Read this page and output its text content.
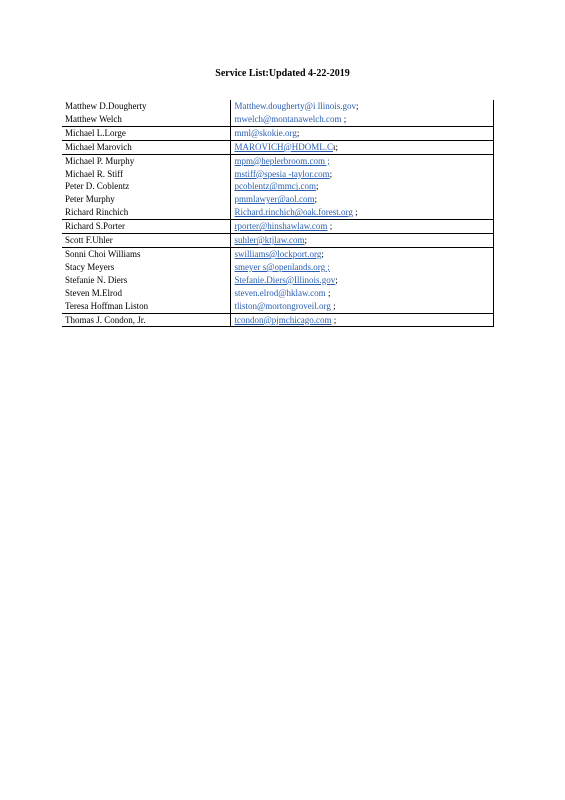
Service List:Updated 4-22-2019
Matthew D.Dougherty	Matthew.dougherty@i llinois.gov;
Matthew Welch	mwelch@montanawelch.com ;
Michael L.Lorge	mml@skokie.org;
Michael Marovich	MAROVICH@HDOML.Cι;
Michael P. Murphy	mpm@heplerbroom.com ;
Michael R. Stiff	mstiff@spesia -taylor.com;
Peter D. Coblentz	pcoblentz@mmcj.com;
Peter Murphy	pmmlawyer@aol.com;
Richard Rinchich	Richard.rinchich@oak.forest.org ;
Richard S.Porter	rporter@hinshawlaw.com ;
Scott F.Uhler	suhler@ktjlaw.com;
Sonni Choi Williams	swilliams@lockport.org;
Stacy Meyers	smeyer s@openlands.org ;
Stefanie N. Diers	Stefanie.Diers@Illinois.gov;
Steven M.Elrod	steven.elrod@hklaw.com ;
Teresa Hoffman Liston	tliston@mortongroveil.org ;
Thomas J. Condon, Jr.	tcondon@pjmchicago.com ;
